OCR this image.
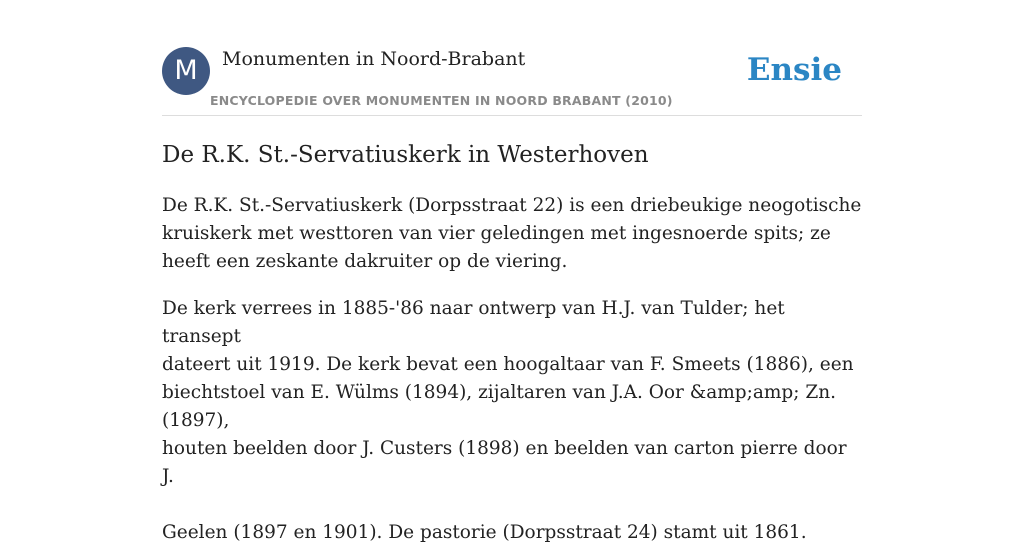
M	Monumenten in Noord-Brabant
ENCYCLOPEDIE OVER MONUMENTEN IN NOORD BRABANT (2010)
Ensie
De R.K. St.-Servatiuskerk in Westerhoven

De R.K. St.-Servatiuskerk (Dorpsstraat 22) is een driebeukige neogotische kruiskerk met westtoren van vier geledingen met ingesnoerde spits; ze heeft een zeskante dakruiter op de viering.

De kerk verrees in 1885-'86 naar ontwerp van H.J. van Tulder; het transept
dateert uit 1919. De kerk bevat een hoogaltaar van F. Smeets (1886), een
biechtstoel van E. Wülms (1894), zijaltaren van J.A. Oor &amp;amp; Zn. (1897),
houten beelden door J. Custers (1898) en beelden van carton pierre door J.

Geelen (1897 en 1901). De pastorie (Dorpsstraat 24) stamt uit 1861.
